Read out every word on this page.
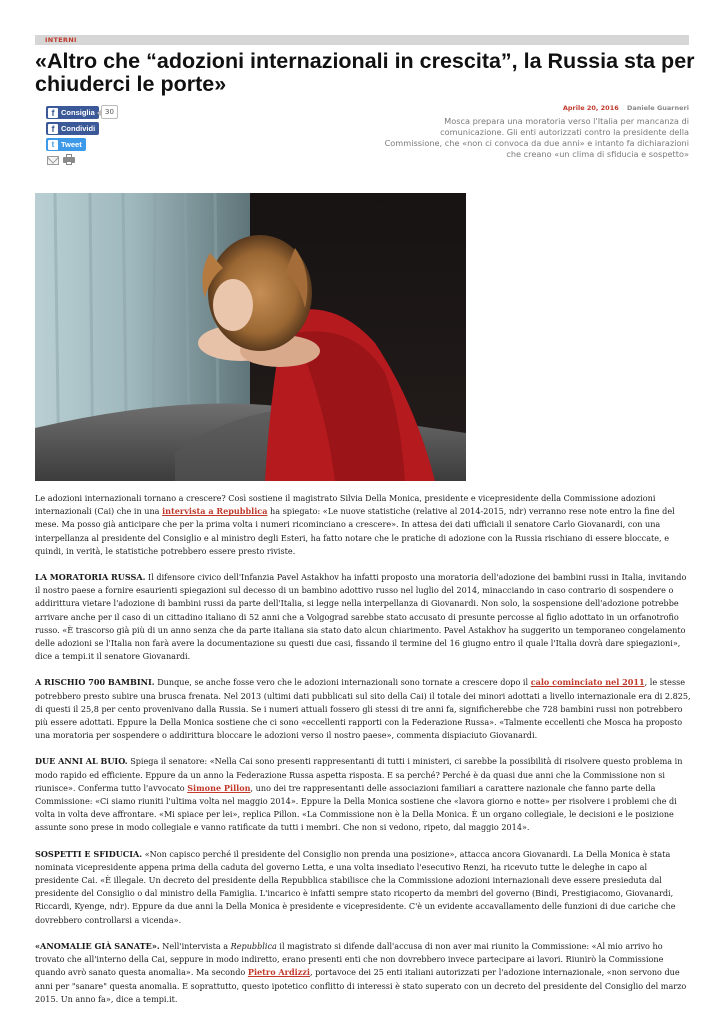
INTERNI
«Altro che “adozioni internazionali in crescita”, la Russia sta per chiuderci le porte»
f Consiglia	30
f Condividi
t Tweet
Aprile 20, 2016 Daniele Guarneri
Mosca prepara una moratoria verso l'Italia per mancanza di comunicazione. Gli enti autorizzati contro la presidente della Commissione, che «non ci convoca da due anni» e intanto fa dichiarazioni che creano «un clima di sfiducia e sospetto»

Le adozioni internazionali tornano a crescere? Così sostiene il magistrato Silvia Della Monica, presidente e vicepresidente della Commissione adozioni internazionali (Cai) che in una intervista a Repubblica ha spiegato: «Le nuove statistiche (relative al 2014-2015, ndr) verranno rese note entro la fine del mese. Ma posso già anticipare che per la prima volta i numeri ricominciano a crescere». In attesa dei dati ufficiali il senatore Carlo Giovanardi, con una interpellanza al presidente del Consiglio e al ministro degli Esteri, ha fatto notare che le pratiche di adozione con la Russia rischiano di essere bloccate, e quindi, in verità, le statistiche potrebbero essere presto riviste.

LA MORATORIA RUSSA. Il difensore civico dell'Infanzia Pavel Astakhov ha infatti proposto una moratoria dell'adozione dei bambini russi in Italia, invitando il nostro paese a fornire esaurienti spiegazioni sul decesso di un bambino adottivo russo nel luglio del 2014, minacciando in caso contrario di sospendere o addirittura vietare l'adozione di bambini russi da parte dell'Italia, si legge nella interpellanza di Giovanardi. Non solo, la sospensione dell'adozione potrebbe arrivare anche per il caso di un cittadino italiano di 52 anni che a Volgograd sarebbe stato accusato di presunte percosse al figlio adottato in un orfanotrofio russo. «È trascorso già più di un anno senza che da parte italiana sia stato dato alcun chiarimento. Pavel Astakhov ha suggerito un temporaneo congelamento delle adozioni se l'Italia non farà avere la documentazione su questi due casi, fissando il termine del 16 giugno entro il quale l'Italia dovrà dare spiegazioni», dice a tempi.it il senatore Giovanardi.

A RISCHIO 700 BAMBINI. Dunque, se anche fosse vero che le adozioni internazionali sono tornate a crescere dopo il calo cominciato nel 2011, le stesse potrebbero presto subire una brusca frenata. Nel 2013 (ultimi dati pubblicati sul sito della Cai) il totale dei minori adottati a livello internazionale era di 2.825, di questi il 25,8 per cento provenivano dalla Russia. Se i numeri attuali fossero gli stessi di tre anni fa, significherebbe che 728 bambini russi non potrebbero più essere adottati. Eppure la Della Monica sostiene che ci sono «eccellenti rapporti con la Federazione Russa». «Talmente eccellenti che Mosca ha proposto una moratoria per sospendere o addirittura bloccare le adozioni verso il nostro paese», commenta dispiaciuto Giovanardi.

DUE ANNI AL BUIO. Spiega il senatore: «Nella Cai sono presenti rappresentanti di tutti i ministeri, ci sarebbe la possibilità di risolvere questo problema in modo rapido ed efficiente. Eppure da un anno la Federazione Russa aspetta risposta. E sa perché? Perché è da quasi due anni che la Commissione non si riunisce». Conferma tutto l'avvocato Simone Pillon, uno dei tre rappresentanti delle associazioni familiari a carattere nazionale che fanno parte della Commissione: «Ci siamo riuniti l'ultima volta nel maggio 2014». Eppure la Della Monica sostiene che «lavora giorno e notte» per risolvere i problemi che di volta in volta deve affrontare. «Mi spiace per lei», replica Pillon. «La Commissione non è la Della Monica. È un organo collegiale, le decisioni e le posizione assunte sono prese in modo collegiale e vanno ratificate da tutti i membri. Che non si vedono, ripeto, dal maggio 2014».

SOSPETTI E SFIDUCIA. «Non capisco perché il presidente del Consiglio non prenda una posizione», attacca ancora Giovanardi. La Della Monica è stata nominata vicepresidente appena prima della caduta del governo Letta, e una volta insediato l'esecutivo Renzi, ha ricevuto tutte le deleghe in capo al presidente Cai. «È illegale. Un decreto del presidente della Repubblica stabilisce che la Commissione adozioni internazionali deve essere presieduta dal presidente del Consiglio o dal ministro della Famiglia. L'incarico è infatti sempre stato ricoperto da membri del governo (Bindi, Prestigiacomo, Giovanardi, Riccardi, Kyenge, ndr). Eppure da due anni la Della Monica è presidente e vicepresidente. C'è un evidente accavallamento delle funzioni di due cariche che dovrebbero controllarsi a vicenda».

«ANOMALIE GIÀ SANATE». Nell'intervista a Repubblica il magistrato si difende dall'accusa di non aver mai riunito la Commissione: «Al mio arrivo ho trovato che all'interno della Cai, seppure in modo indiretto, erano presenti enti che non dovrebbero invece partecipare ai lavori. Riunirò la Commissione quando avrò sanato questa anomalia». Ma secondo Pietro Ardizzi, portavoce dei 25 enti italiani autorizzati per l'adozione internazionale, «non servono due anni per "sanare" questa anomalia. E soprattutto, questo ipotetico conflitto di interessi è stato superato con un decreto del presidente del Consiglio del marzo 2015. Un anno fa», dice a tempi.it.
